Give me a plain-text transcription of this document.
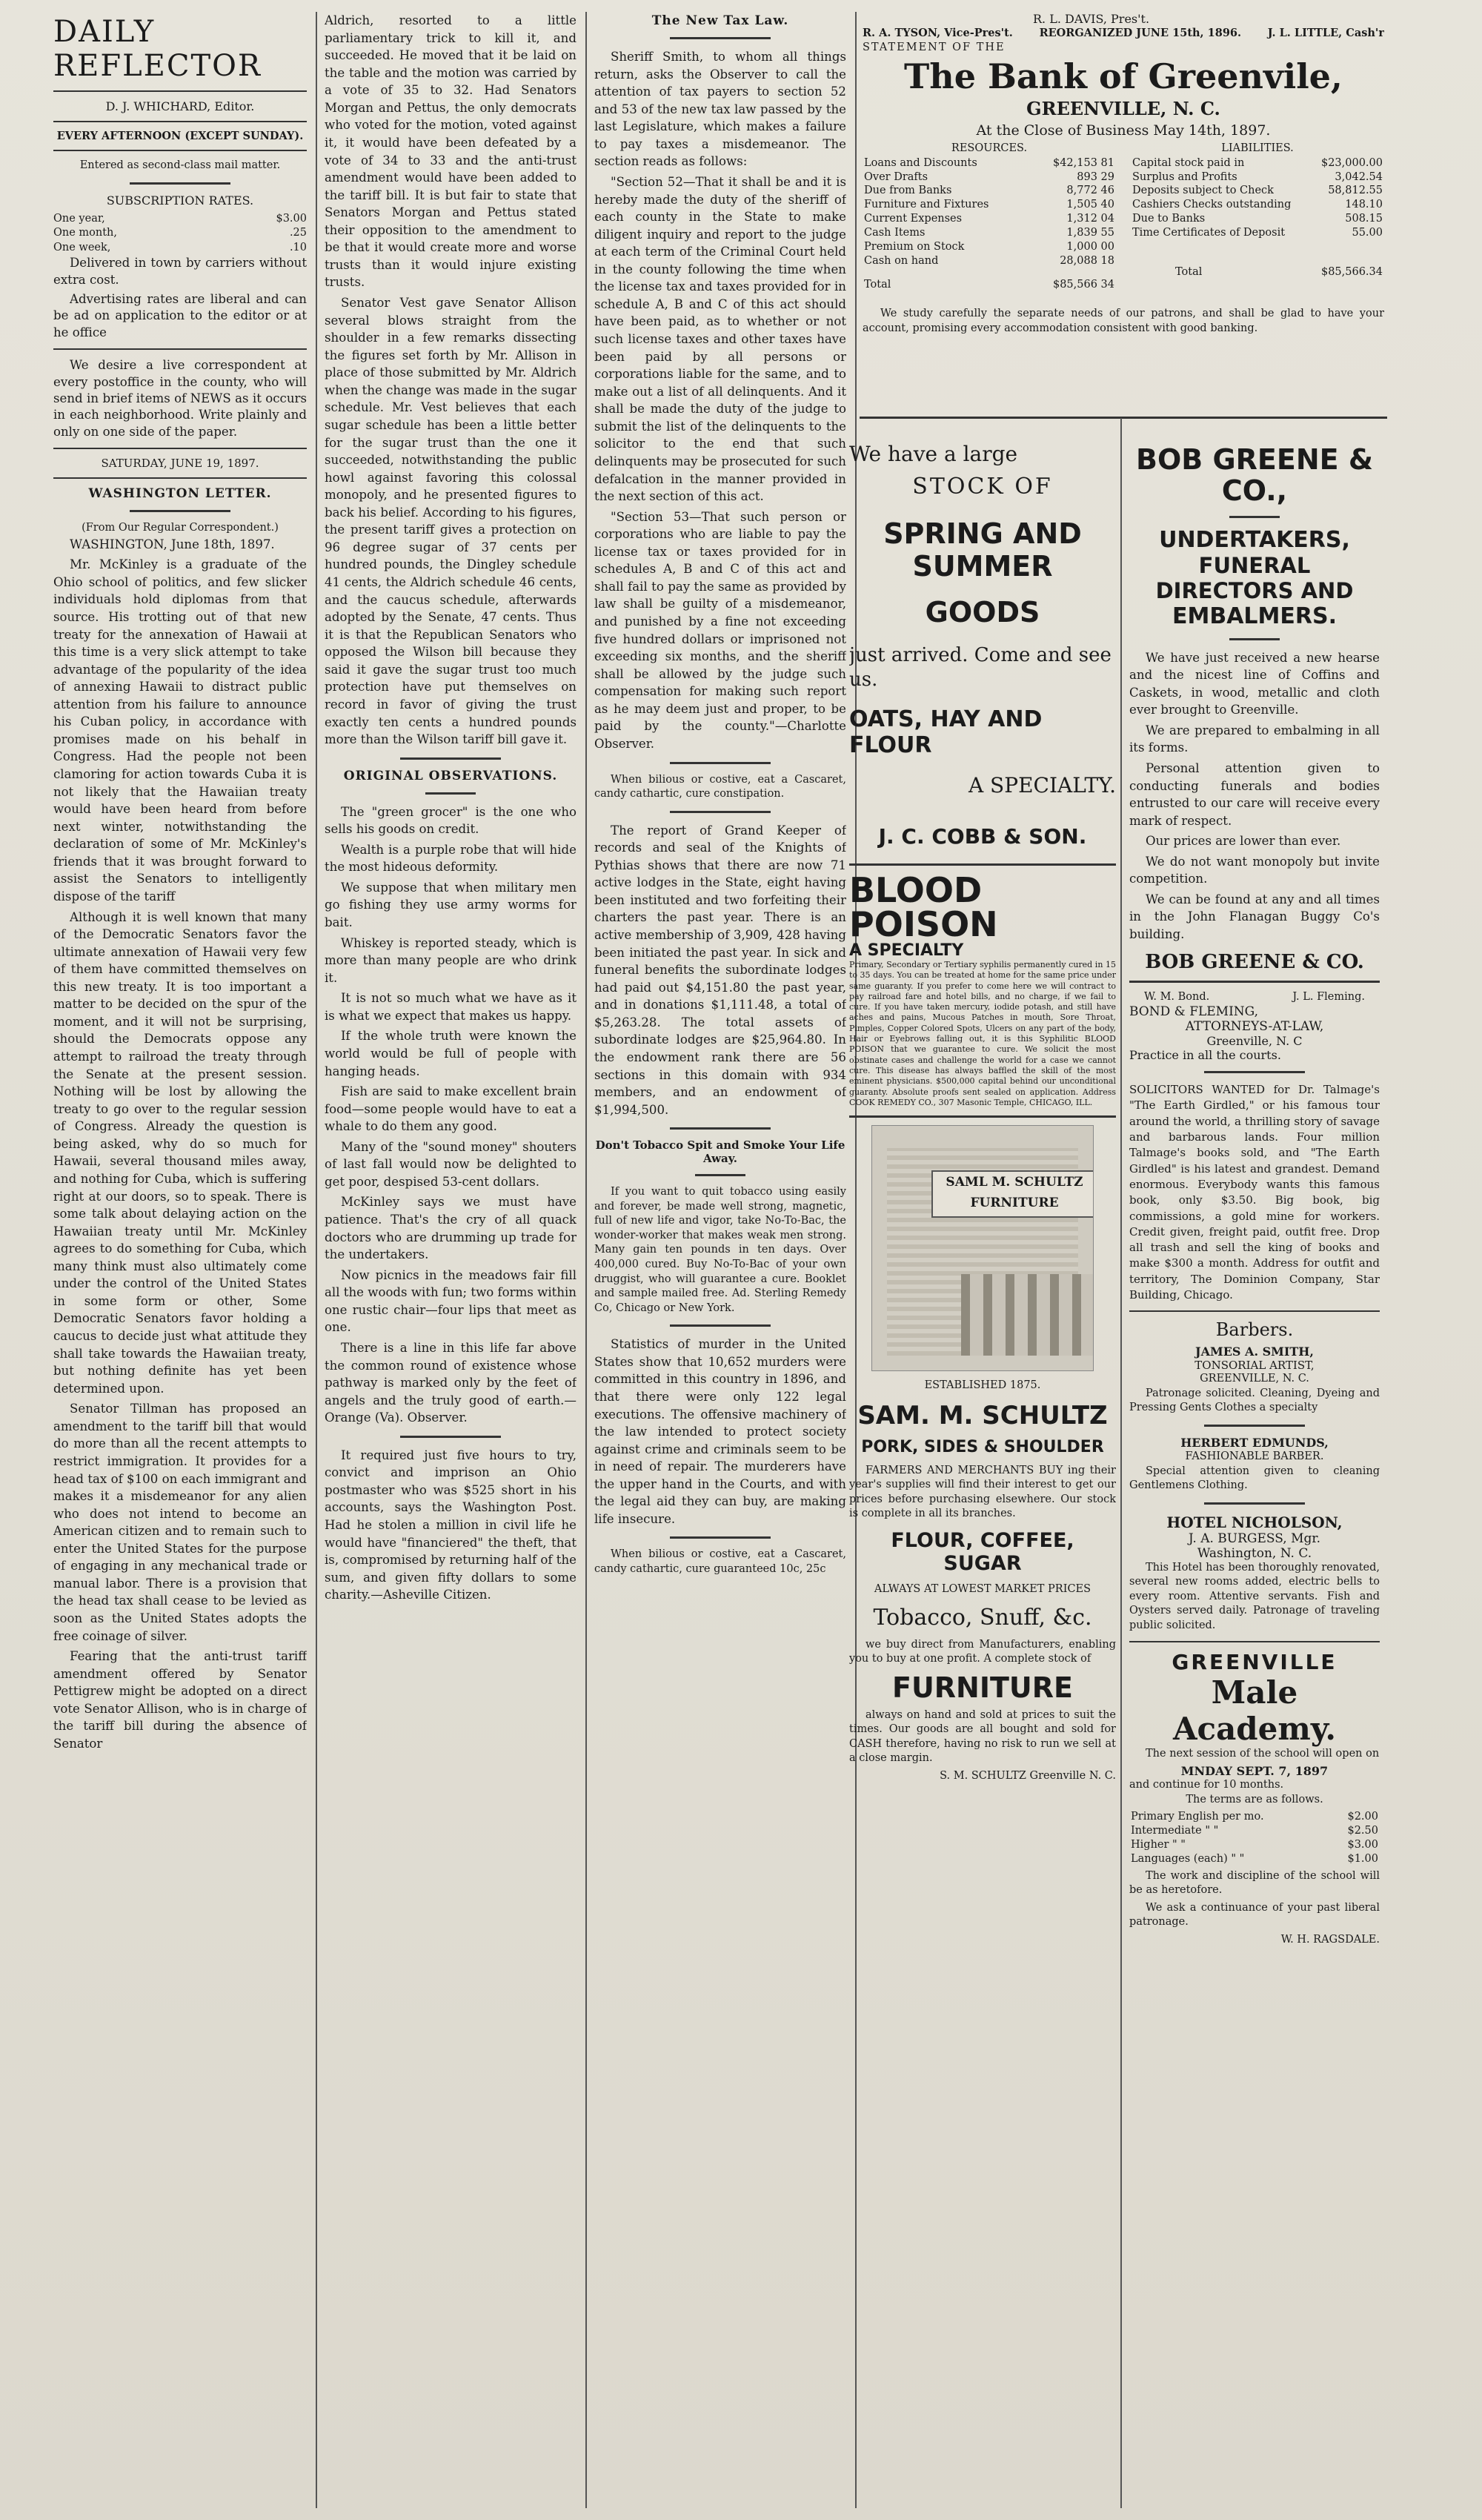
DAILY REFLECTOR
D. J. WHICHARD, Editor.
EVERY AFTERNOON (EXCEPT SUNDAY).
Entered as second-class mail matter.
SUBSCRIPTION RATES.
One year,	$3.00
One month,	.25
One week,	.10

Delivered in town by carriers without extra cost.

Advertising rates are liberal and can be ad on application to the editor or at he office

We desire a live correspondent at every postoffice in the county, who will send in brief items of NEWS as it occurs in each neighborhood. Write plainly and only on one side of the paper.

SATURDAY, JUNE 19, 1897.
WASHINGTON LETTER.
(From Our Regular Correspondent.)

WASHINGTON, June 18th, 1897.

Mr. McKinley is a graduate of the Ohio school of politics, and few slicker individuals hold diplomas from that source. His trotting out of that new treaty for the annexation of Hawaii at this time is a very slick attempt to take advantage of the popularity of the idea of annexing Hawaii to distract public attention from his failure to announce his Cuban policy, in accordance with promises made on his behalf in Congress. Had the people not been clamoring for action towards Cuba it is not likely that the Hawaiian treaty would have been heard from before next winter, notwithstanding the declaration of some of Mr. McKinley's friends that it was brought forward to assist the Senators to intelligently dispose of the tariff

Although it is well known that many of the Democratic Senators favor the ultimate annexation of Hawaii very few of them have committed themselves on this new treaty. It is too important a matter to be decided on the spur of the moment, and it will not be surprising, should the Democrats oppose any attempt to railroad the treaty through the Senate at the present session. Nothing will be lost by allowing the treaty to go over to the regular session of Congress. Already the question is being asked, why do so much for Hawaii, several thousand miles away, and nothing for Cuba, which is suffering right at our doors, so to speak. There is some talk about delaying action on the Hawaiian treaty until Mr. McKinley agrees to do something for Cuba, which many think must also ultimately come under the control of the United States in some form or other, Some Democratic Senators favor holding a caucus to decide just what attitude they shall take towards the Hawaiian treaty, but nothing definite has yet been determined upon.

Senator Tillman has proposed an amendment to the tariff bill that would do more than all the recent attempts to restrict immigration. It provides for a head tax of $100 on each immigrant and makes it a misdemeanor for any alien who does not intend to become an American citizen and to remain such to enter the United States for the purpose of engaging in any mechanical trade or manual labor. There is a provision that the head tax shall cease to be levied as soon as the United States adopts the free coinage of silver.

Fearing that the anti-trust tariff amendment offered by Senator Pettigrew might be adopted on a direct vote Senator Allison, who is in charge of the tariff bill during the absence of Senator

Aldrich, resorted to a little parliamentary trick to kill it, and succeeded. He moved that it be laid on the table and the motion was carried by a vote of 35 to 32. Had Senators Morgan and Pettus, the only democrats who voted for the motion, voted against it, it would have been defeated by a vote of 34 to 33 and the anti-trust amendment would have been added to the tariff bill. It is but fair to state that Senators Morgan and Pettus stated their opposition to the amendment to be that it would create more and worse trusts than it would injure existing trusts.

Senator Vest gave Senator Allison several blows straight from the shoulder in a few remarks dissecting the figures set forth by Mr. Allison in place of those submitted by Mr. Aldrich when the change was made in the sugar schedule. Mr. Vest believes that each sugar schedule has been a little better for the sugar trust than the one it succeeded, notwithstanding the public howl against favoring this colossal monopoly, and he presented figures to back his belief. According to his figures, the present tariff gives a protection on 96 degree sugar of 37 cents per hundred pounds, the Dingley schedule 41 cents, the Aldrich schedule 46 cents, and the caucus schedule, afterwards adopted by the Senate, 47 cents. Thus it is that the Republican Senators who opposed the Wilson bill because they said it gave the sugar trust too much protection have put themselves on record in favor of giving the trust exactly ten cents a hundred pounds more than the Wilson tariff bill gave it.

ORIGINAL OBSERVATIONS.

The "green grocer" is the one who sells his goods on credit.

Wealth is a purple robe that will hide the most hideous deformity.

We suppose that when military men go fishing they use army worms for bait.

Whiskey is reported steady, which is more than many people are who drink it.

It is not so much what we have as it is what we expect that makes us happy.

If the whole truth were known the world would be full of people with hanging heads.

Fish are said to make excellent brain food—some people would have to eat a whale to do them any good.

Many of the "sound money" shouters of last fall would now be delighted to get poor, despised 53-cent dollars.

McKinley says we must have patience. That's the cry of all quack doctors who are drumming up trade for the undertakers.

Now picnics in the meadows fair fill all the woods with fun; two forms within one rustic chair—four lips that meet as one.

There is a line in this life far above the common round of existence whose pathway is marked only by the feet of angels and the truly good of earth.—Orange (Va). Observer.

It required just five hours to try, convict and imprison an Ohio postmaster who was $525 short in his accounts, says the Washington Post. Had he stolen a million in civil life he would have "financiered" the theft, that is, compromised by returning half of the sum, and given fifty dollars to some charity.—Asheville Citizen.

The New Tax Law.

Sheriff Smith, to whom all things return, asks the Observer to call the attention of tax payers to section 52 and 53 of the new tax law passed by the last Legislature, which makes a failure to pay taxes a misdemeanor. The section reads as follows:

"Section 52—That it shall be and it is hereby made the duty of the sheriff of each county in the State to make diligent inquiry and report to the judge at each term of the Criminal Court held in the county following the time when the license tax and taxes provided for in schedule A, B and C of this act should have been paid, as to whether or not such license taxes and other taxes have been paid by all persons or corporations liable for the same, and to make out a list of all delinquents. And it shall be made the duty of the judge to submit the list of the delinquents to the solicitor to the end that such delinquents may be prosecuted for such defalcation in the manner provided in the next section of this act.

"Section 53—That such person or corporations who are liable to pay the license tax or taxes provided for in schedules A, B and C of this act and shall fail to pay the same as provided by law shall be guilty of a misdemeanor, and punished by a fine not exceeding five hundred dollars or imprisoned not exceeding six months, and the sheriff shall be allowed by the judge such compensation for making such report as he may deem just and proper, to be paid by the county."—Charlotte Observer.

When bilious or costive, eat a Cascaret, candy cathartic, cure constipation.

The report of Grand Keeper of records and seal of the Knights of Pythias shows that there are now 71 active lodges in the State, eight having been instituted and two forfeiting their charters the past year. There is an active membership of 3,909, 428 having been initiated the past year. In sick and funeral benefits the subordinate lodges had paid out $4,151.80 the past year, and in donations $1,111.48, a total of $5,263.28. The total assets of subordinate lodges are $25,964.80. In the endowment rank there are 56 sections in this domain with 934 members, and an endowment of $1,994,500.

Don't Tobacco Spit and Smoke Your Life Away.

If you want to quit tobacco using easily and forever, be made well strong, magnetic, full of new life and vigor, take No-To-Bac, the wonder-worker that makes weak men strong. Many gain ten pounds in ten days. Over 400,000 cured. Buy No-To-Bac of your own druggist, who will guarantee a cure. Booklet and sample mailed free. Ad. Sterling Remedy Co, Chicago or New York.

Statistics of murder in the United States show that 10,652 murders were committed in this country in 1896, and that there were only 122 legal executions. The offensive machinery of the law intended to protect society against crime and criminals seem to be in need of repair. The murderers have the upper hand in the Courts, and with the legal aid they can buy, are making life insecure.

When bilious or costive, eat a Cascaret, candy cathartic, cure guaranteed 10c, 25c

R. L. DAVIS, Pres't.
R. A. TYSON, Vice-Pres't. REORGANIZED JUNE 15th, 1896. J. L. LITTLE, Cash'r
STATEMENT OF THE
The Bank of Greenvile,
GREENVILLE, N. C.
At the Close of Business May 14th, 1897.
RESOURCES.
Loans and Discounts	$42,153 81
Over Drafts	893 29
Due from Banks	8,772 46
Furniture and Fixtures	1,505 40
Current Expenses	1,312 04
Cash Items	1,839 55
Premium on Stock	1,000 00
Cash on hand	28,088 18
Total	$85,566 34
LIABILITIES.
Capital stock paid in	$23,000.00
Surplus and Profits	3,042.54
Deposits subject to Check	58,812.55
Cashiers Checks outstanding	148.10
Due to Banks	508.15
Time Certificates of Deposit	55.00
Total	$85,566.34

We study carefully the separate needs of our patrons, and shall be glad to have your account, promising every accommodation consistent with good banking.

We have a large
STOCK OF
SPRING AND SUMMER
GOODS
just arrived. Come and see us.
OATS, HAY AND FLOUR
A SPECIALTY.
J. C. COBB & SON.
BLOOD POISON
A SPECIALTY

Primary, Secondary or Tertiary syphilis permanently cured in 15 to 35 days. You can be treated at home for the same price under same guaranty. If you prefer to come here we will contract to pay railroad fare and hotel bills, and no charge, if we fail to cure. If you have taken mercury, iodide potash, and still have aches and pains, Mucous Patches in mouth, Sore Throat, Pimples, Copper Colored Spots, Ulcers on any part of the body, Hair or Eyebrows falling out, it is this Syphilitic BLOOD POISON that we guarantee to cure. We solicit the most obstinate cases and challenge the world for a case we cannot cure. This disease has always baffled the skill of the most eminent physicians. $500,000 capital behind our unconditional guaranty. Absolute proofs sent sealed on application. Address COOK REMEDY CO., 307 Masonic Temple, CHICAGO, ILL.

SAML M. SCHULTZ FURNITURE
ESTABLISHED 1875.
SAM. M. SCHULTZ
PORK, SIDES & SHOULDER

FARMERS AND MERCHANTS BUY ing their year's supplies will find their interest to get our prices before purchasing elsewhere. Our stock is complete in all its branches.

FLOUR, COFFEE, SUGAR
ALWAYS AT LOWEST MARKET PRICES
Tobacco, Snuff, &c.

we buy direct from Manufacturers, enabling you to buy at one profit. A complete stock of

FURNITURE

always on hand and sold at prices to suit the times. Our goods are all bought and sold for CASH therefore, having no risk to run we sell at a close margin.

S. M. SCHULTZ Greenville N. C.
BOB GREENE & CO.,
UNDERTAKERS,
FUNERAL DIRECTORS AND
EMBALMERS.

We have just received a new hearse and the nicest line of Coffins and Caskets, in wood, metallic and cloth ever brought to Greenville.

We are prepared to embalming in all its forms.

Personal attention given to conducting funerals and bodies entrusted to our care will receive every mark of respect.

Our prices are lower than ever.

We do not want monopoly but invite competition.

We can be found at any and all times in the John Flanagan Buggy Co's building.

BOB GREENE & CO.
W. M. Bond.	J. L. Fleming.
BOND & FLEMING,
ATTORNEYS-AT-LAW,
Greenville, N. C
Practice in all the courts.

SOLICITORS WANTED for Dr. Talmage's "The Earth Girdled," or his famous tour around the world, a thrilling story of savage and barbarous lands. Four million Talmage's books sold, and "The Earth Girdled" is his latest and grandest. Demand enormous. Everybody wants this famous book, only $3.50. Big book, big commissions, a gold mine for workers. Credit given, freight paid, outfit free. Drop all trash and sell the king of books and make $300 a month. Address for outfit and territory, The Dominion Company, Star Building, Chicago.

Barbers.
JAMES A. SMITH,
TONSORIAL ARTIST,
GREENVILLE, N. C.

Patronage solicited. Cleaning, Dyeing and Pressing Gents Clothes a specialty

HERBERT EDMUNDS,
FASHIONABLE BARBER.

Special attention given to cleaning Gentlemens Clothing.

HOTEL NICHOLSON,
J. A. BURGESS, Mgr.
Washington, N. C.

This Hotel has been thoroughly renovated, several new rooms added, electric bells to every room. Attentive servants. Fish and Oysters served daily. Patronage of traveling public solicited.

GREENVILLE
Male Academy.

The next session of the school will open on

MNDAY SEPT. 7, 1897
and continue for 10 months.
The terms are as follows.
Primary English per mo.	$2.00
Intermediate " "	$2.50
Higher " "	$3.00
Languages (each) " "	$1.00

The work and discipline of the school will be as heretofore.

We ask a continuance of your past liberal patronage.

W. H. RAGSDALE.
